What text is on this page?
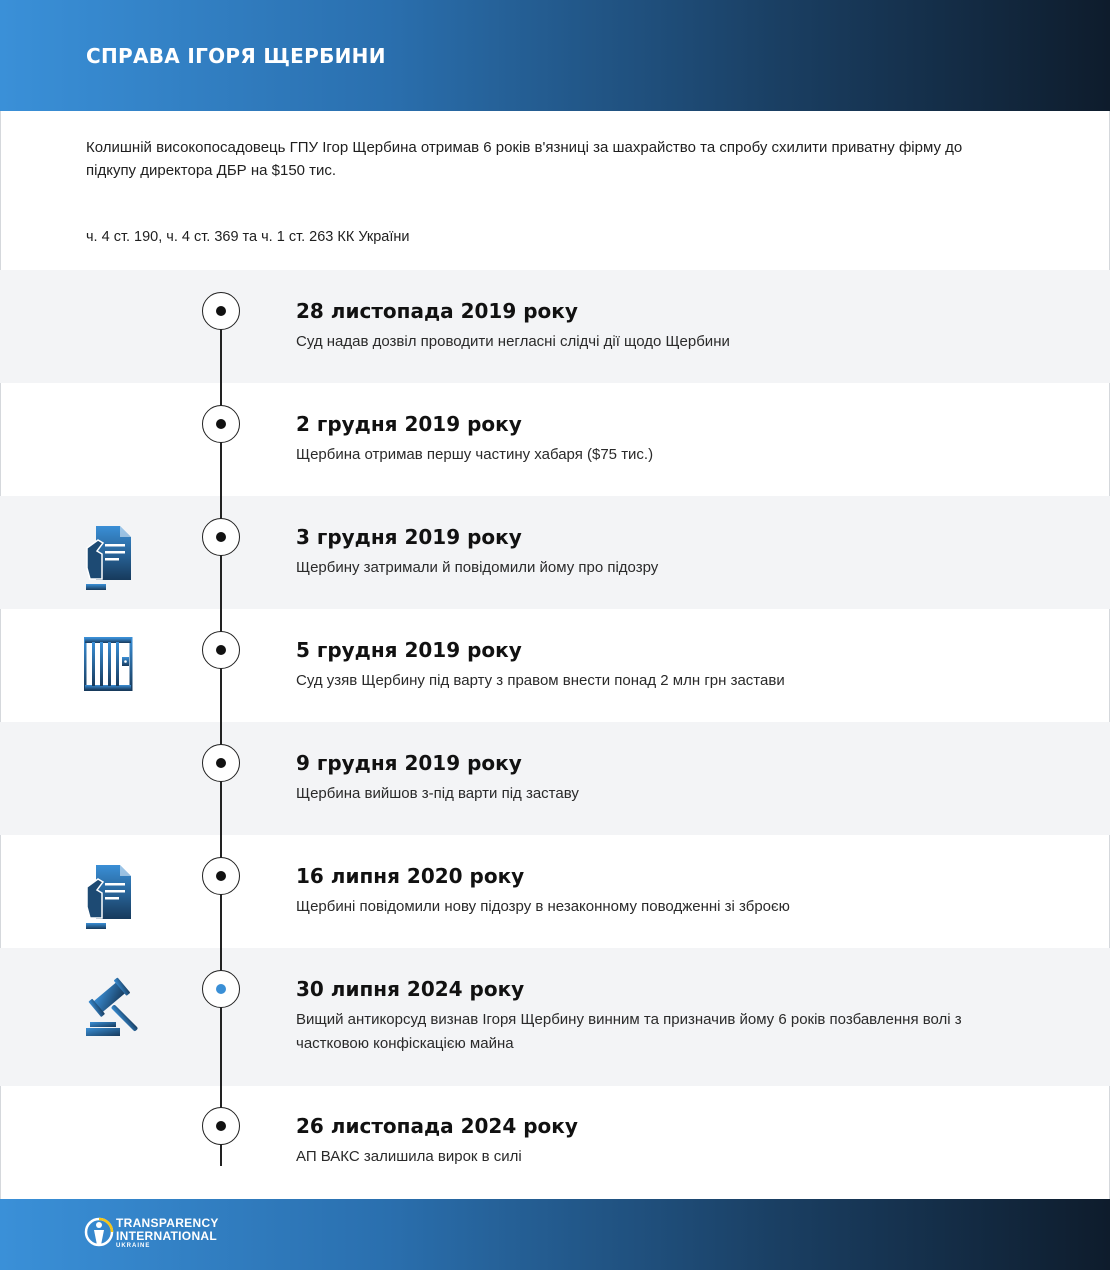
СПРАВА ІГОРЯ ЩЕРБИНИ
Колишній високопосадовець ГПУ Ігор Щербина отримав 6 років в'язниці за шахрайство та спробу схилити приватну фірму до підкупу директора ДБР на $150 тис.
ч. 4 ст. 190, ч. 4 ст. 369 та ч. 1 ст. 263 КК України
28 листопада 2019 року
Суд надав дозвіл проводити негласні слідчі дії щодо Щербини
2 грудня 2019 року
Щербина отримав першу частину хабаря ($75 тис.)
3 грудня 2019 року
Щербину затримали й повідомили йому про підозру
5 грудня 2019 року
Суд узяв Щербину під варту з правом внести понад 2 млн грн застави
9 грудня 2019 року
Щербина вийшов з-під варти під заставу
16 липня 2020 року
Щербині повідомили нову підозру в незаконному поводженні зі зброєю
30 липня 2024 року
Вищий антикорсуд визнав Ігоря Щербину винним та призначив йому 6 років позбавлення волі з частковою конфіскацією майна
26 листопада 2024 року
АП ВАКС залишила вирок в силі
TRANSPARENCY
INTERNATIONAL
UKRAINE
